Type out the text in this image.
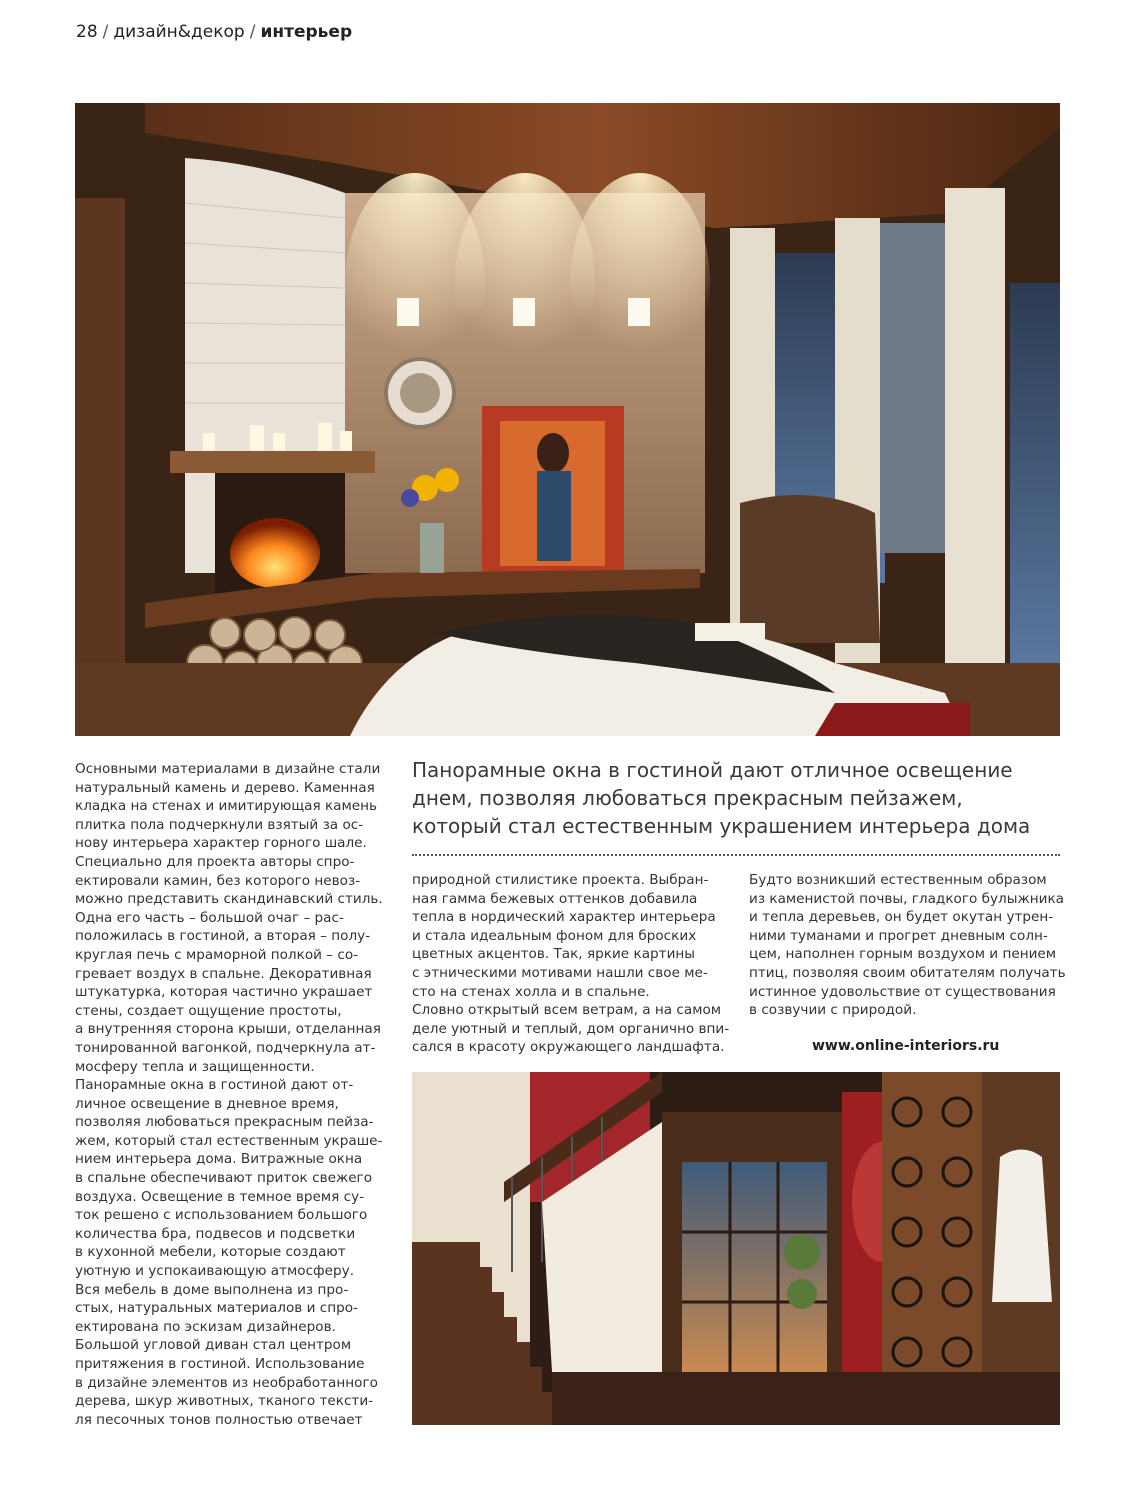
28 / дизайн&декор / интерьер
Основными материалами в дизайне стали
натуральный камень и дерево. Каменная
кладка на стенах и имитирующая камень
плитка пола подчеркнули взятый за ос-
нову интерьера характер горного шале.
Специально для проекта авторы спро-
ектировали камин, без которого невоз-
можно представить скандинавский стиль.
Одна его часть – большой очаг – рас-
положилась в гостиной, а вторая – полу-
круглая печь с мраморной полкой – со-
гревает воздух в спальне. Декоративная
штукатурка, которая частично украшает
стены, создает ощущение простоты,
а внутренняя сторона крыши, отделанная
тонированной вагонкой, подчеркнула ат-
мосферу тепла и защищенности.
Панорамные окна в гостиной дают от-
личное освещение в дневное время,
позволяя любоваться прекрасным пейза-
жем, который стал естественным украше-
нием интерьера дома. Витражные окна
в спальне обеспечивают приток свежего
воздуха. Освещение в темное время су-
ток решено с использованием большого
количества бра, подвесов и подсветки
в кухонной мебели, которые создают
уютную и успокаивающую атмосферу.
Вся мебель в доме выполнена из про-
стых, натуральных материалов и спро-
ектирована по эскизам дизайнеров.
Большой угловой диван стал центром
притяжения в гостиной. Использование
в дизайне элементов из необработанного
дерева, шкур животных, тканого тексти-
ля песочных тонов полностью отвечает
Панорамные окна в гостиной дают отличное освещение
днем, позволяя любоваться прекрасным пейзажем,
который стал естественным украшением интерьера дома
природной стилистике проекта. Выбран-
ная гамма бежевых оттенков добавила
тепла в нордический характер интерьера
и стала идеальным фоном для броских
цветных акцентов. Так, яркие картины
с этническими мотивами нашли свое ме-
сто на стенах холла и в спальне.
Словно открытый всем ветрам, а на самом
деле уютный и теплый, дом органично впи-
сался в красоту окружающего ландшафта.
Будто возникший естественным образом
из каменистой почвы, гладкого булыжника
и тепла деревьев, он будет окутан утрен-
ними туманами и прогрет дневным солн-
цем, наполнен горным воздухом и пением
птиц, позволяя своим обитателям получать
истинное удовольствие от существования
в созвучии с природой.
www.online-interiors.ru
